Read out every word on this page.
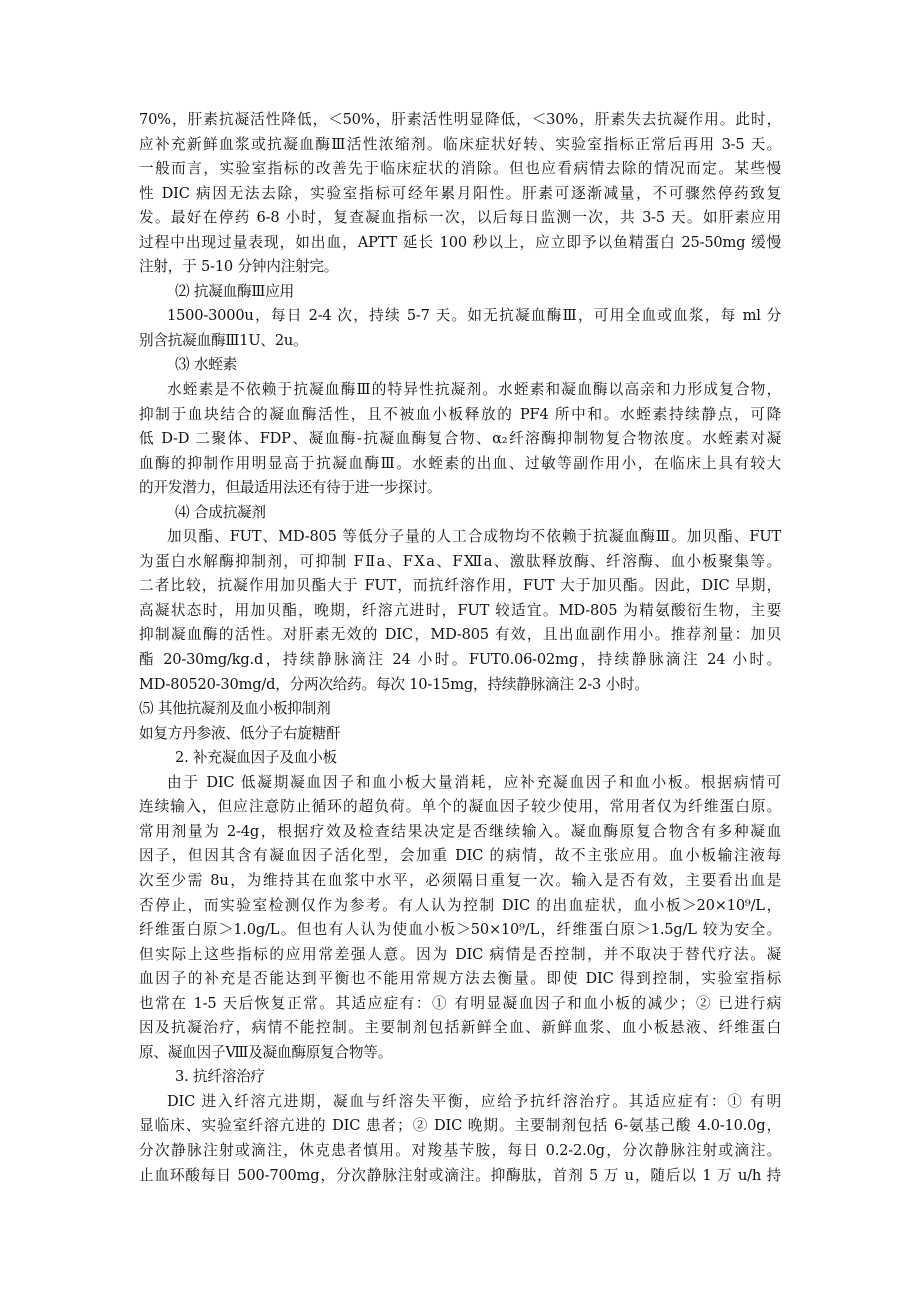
70%，肝素抗凝活性降低，＜50%，肝素活性明显降低，＜30%，肝素失去抗凝作用。此时，
应补充新鲜血浆或抗凝血酶Ⅲ活性浓缩剂。临床症状好转、实验室指标正常后再用 3-5 天。
一般而言，实验室指标的改善先于临床症状的消除。但也应看病情去除的情况而定。某些慢
性 DIC 病因无法去除，实验室指标可经年累月阳性。肝素可逐渐减量，不可骤然停药致复
发。最好在停药 6-8 小时，复查凝血指标一次，以后每日监测一次，共 3-5 天。如肝素应用
过程中出现过量表现，如出血，APTT 延长 100 秒以上，应立即予以鱼精蛋白 25-50mg 缓慢
注射，于 5-10 分钟内注射完。
⑵ 抗凝血酶Ⅲ应用
1500-3000u，每日 2-4 次，持续 5-7 天。如无抗凝血酶Ⅲ，可用全血或血浆，每 ml 分
别含抗凝血酶Ⅲ1U、2u。
⑶ 水蛭素
水蛭素是不依赖于抗凝血酶Ⅲ的特异性抗凝剂。水蛭素和凝血酶以高亲和力形成复合物，
抑制于血块结合的凝血酶活性，且不被血小板释放的 PF4 所中和。水蛭素持续静点，可降
低 D-D 二聚体、FDP、凝血酶-抗凝血酶复合物、α₂纤溶酶抑制物复合物浓度。水蛭素对凝
血酶的抑制作用明显高于抗凝血酶Ⅲ。水蛭素的出血、过敏等副作用小，在临床上具有较大
的开发潜力，但最适用法还有待于进一步探讨。
⑷ 合成抗凝剂
加贝酯、FUT、MD-805 等低分子量的人工合成物均不依赖于抗凝血酶Ⅲ。加贝酯、FUT
为蛋白水解酶抑制剂，可抑制 FⅡa、FⅩa、FⅫa、激肽释放酶、纤溶酶、血小板聚集等。
二者比较，抗凝作用加贝酯大于 FUT，而抗纤溶作用，FUT 大于加贝酯。因此，DIC 早期，
高凝状态时，用加贝酯，晚期，纤溶亢进时，FUT 较适宜。MD-805 为精氨酸衍生物，主要
抑制凝血酶的活性。对肝素无效的 DIC，MD-805 有效，且出血副作用小。推荐剂量：加贝
酯 20-30mg/kg.d，持续静脉滴注 24 小时。FUT0.06-02mg，持续静脉滴注 24 小时。
MD-80520-30mg/d，分两次给药。每次 10-15mg，持续静脉滴注 2-3 小时。
⑸ 其他抗凝剂及血小板抑制剂
如复方丹参液、低分子右旋糖酐
2. 补充凝血因子及血小板
由于 DIC 低凝期凝血因子和血小板大量消耗，应补充凝血因子和血小板。根据病情可
连续输入，但应注意防止循环的超负荷。单个的凝血因子较少使用，常用者仅为纤维蛋白原。
常用剂量为 2-4g，根据疗效及检查结果决定是否继续输入。凝血酶原复合物含有多种凝血
因子，但因其含有凝血因子活化型，会加重 DIC 的病情，故不主张应用。血小板输注液每
次至少需 8u，为维持其在血浆中水平，必须隔日重复一次。输入是否有效，主要看出血是
否停止，而实验室检测仅作为参考。有人认为控制 DIC 的出血症状，血小板＞20×10⁹/L，
纤维蛋白原＞1.0g/L。但也有人认为使血小板＞50×10⁹/L，纤维蛋白原＞1.5g/L 较为安全。
但实际上这些指标的应用常差强人意。因为 DIC 病情是否控制，并不取决于替代疗法。凝
血因子的补充是否能达到平衡也不能用常规方法去衡量。即使 DIC 得到控制，实验室指标
也常在 1-5 天后恢复正常。其适应症有：① 有明显凝血因子和血小板的减少；② 已进行病
因及抗凝治疗，病情不能控制。主要制剂包括新鲜全血、新鲜血浆、血小板悬液、纤维蛋白
原、凝血因子Ⅷ及凝血酶原复合物等。
3. 抗纤溶治疗
DIC 进入纤溶亢进期，凝血与纤溶失平衡，应给予抗纤溶治疗。其适应症有：① 有明
显临床、实验室纤溶亢进的 DIC 患者；② DIC 晚期。主要制剂包括 6-氨基己酸 4.0-10.0g，
分次静脉注射或滴注，休克患者慎用。对羧基苄胺，每日 0.2-2.0g，分次静脉注射或滴注。
止血环酸每日 500-700mg，分次静脉注射或滴注。抑酶肽，首剂 5 万 u，随后以 1 万 u/h 持
